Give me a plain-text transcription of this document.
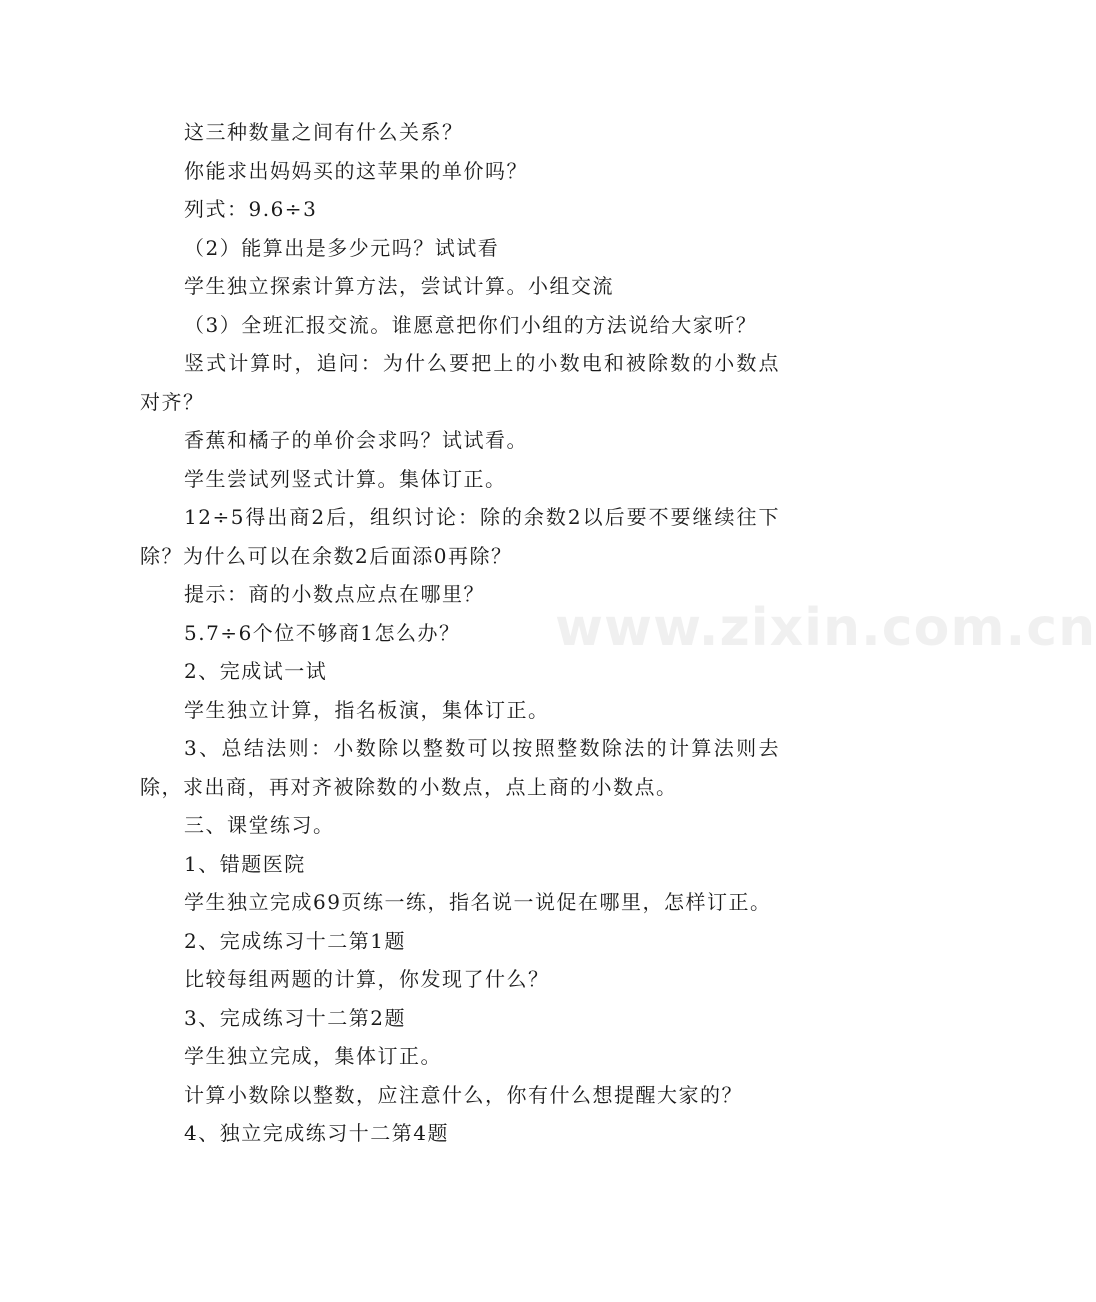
www.zixin.com.cn
这三种数量之间有什么关系？
你能求出妈妈买的这苹果的单价吗？
列式：9.6÷3
（2）能算出是多少元吗？试试看
学生独立探索计算方法，尝试计算。小组交流
（3）全班汇报交流。谁愿意把你们小组的方法说给大家听？
竖式计算时，追问：为什么要把上的小数电和被除数的小数点对齐？
香蕉和橘子的单价会求吗？试试看。
学生尝试列竖式计算。集体订正。
12÷5得出商2后，组织讨论：除的余数2以后要不要继续往下除？为什么可以在余数2后面添0再除？
提示：商的小数点应点在哪里？
5.7÷6个位不够商1怎么办？
2、完成试一试
学生独立计算，指名板演，集体订正。
3、总结法则：小数除以整数可以按照整数除法的计算法则去除，求出商，再对齐被除数的小数点，点上商的小数点。
三、课堂练习。
1、错题医院
学生独立完成69页练一练，指名说一说促在哪里，怎样订正。
2、完成练习十二第1题
比较每组两题的计算，你发现了什么？
3、完成练习十二第2题
学生独立完成，集体订正。
计算小数除以整数，应注意什么，你有什么想提醒大家的？
4、独立完成练习十二第4题
